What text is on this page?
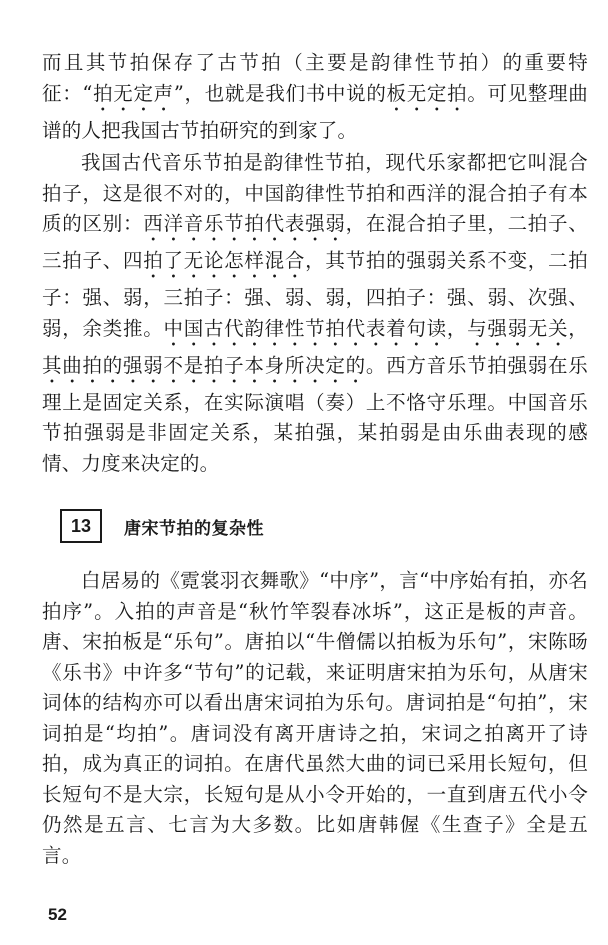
而且其节拍保存了古节拍（主要是韵律性节拍）的重要特征：“拍无定声”，也就是我们书中说的板无定拍。可见整理曲谱的人把我国古节拍研究的到家了。

我国古代音乐节拍是韵律性节拍，现代乐家都把它叫混合拍子，这是很不对的，中国韵律性节拍和西洋的混合拍子有本质的区别：西洋音乐节拍代表强弱，在混合拍子里，二拍子、三拍子、四拍了无论怎样混合，其节拍的强弱关系不变，二拍子：强、弱，三拍子：强、弱、弱，四拍子：强、弱、次强、弱，余类推。中国古代韵律性节拍代表着句读，与强弱无关，其曲拍的强弱不是拍子本身所决定的。西方音乐节拍强弱在乐理上是固定关系，在实际演唱（奏）上不恪守乐理。中国音乐节拍强弱是非固定关系，某拍强，某拍弱是由乐曲表现的感情、力度来决定的。

13	唐宋节拍的复杂性

白居易的《霓裳羽衣舞歌》“中序”，言“中序始有拍，亦名拍序”。入拍的声音是“秋竹竿裂春冰坼”，这正是板的声音。唐、宋拍板是“乐句”。唐拍以“牛僧儒以拍板为乐句”，宋陈旸《乐书》中许多“节句”的记载，来证明唐宋拍为乐句，从唐宋词体的结构亦可以看出唐宋词拍为乐句。唐词拍是“句拍”，宋词拍是“均拍”。唐词没有离开唐诗之拍，宋词之拍离开了诗拍，成为真正的词拍。在唐代虽然大曲的词已采用长短句，但长短句不是大宗，长短句是从小令开始的，一直到唐五代小令仍然是五言、七言为大多数。比如唐韩偓《生查子》全是五言。

52
